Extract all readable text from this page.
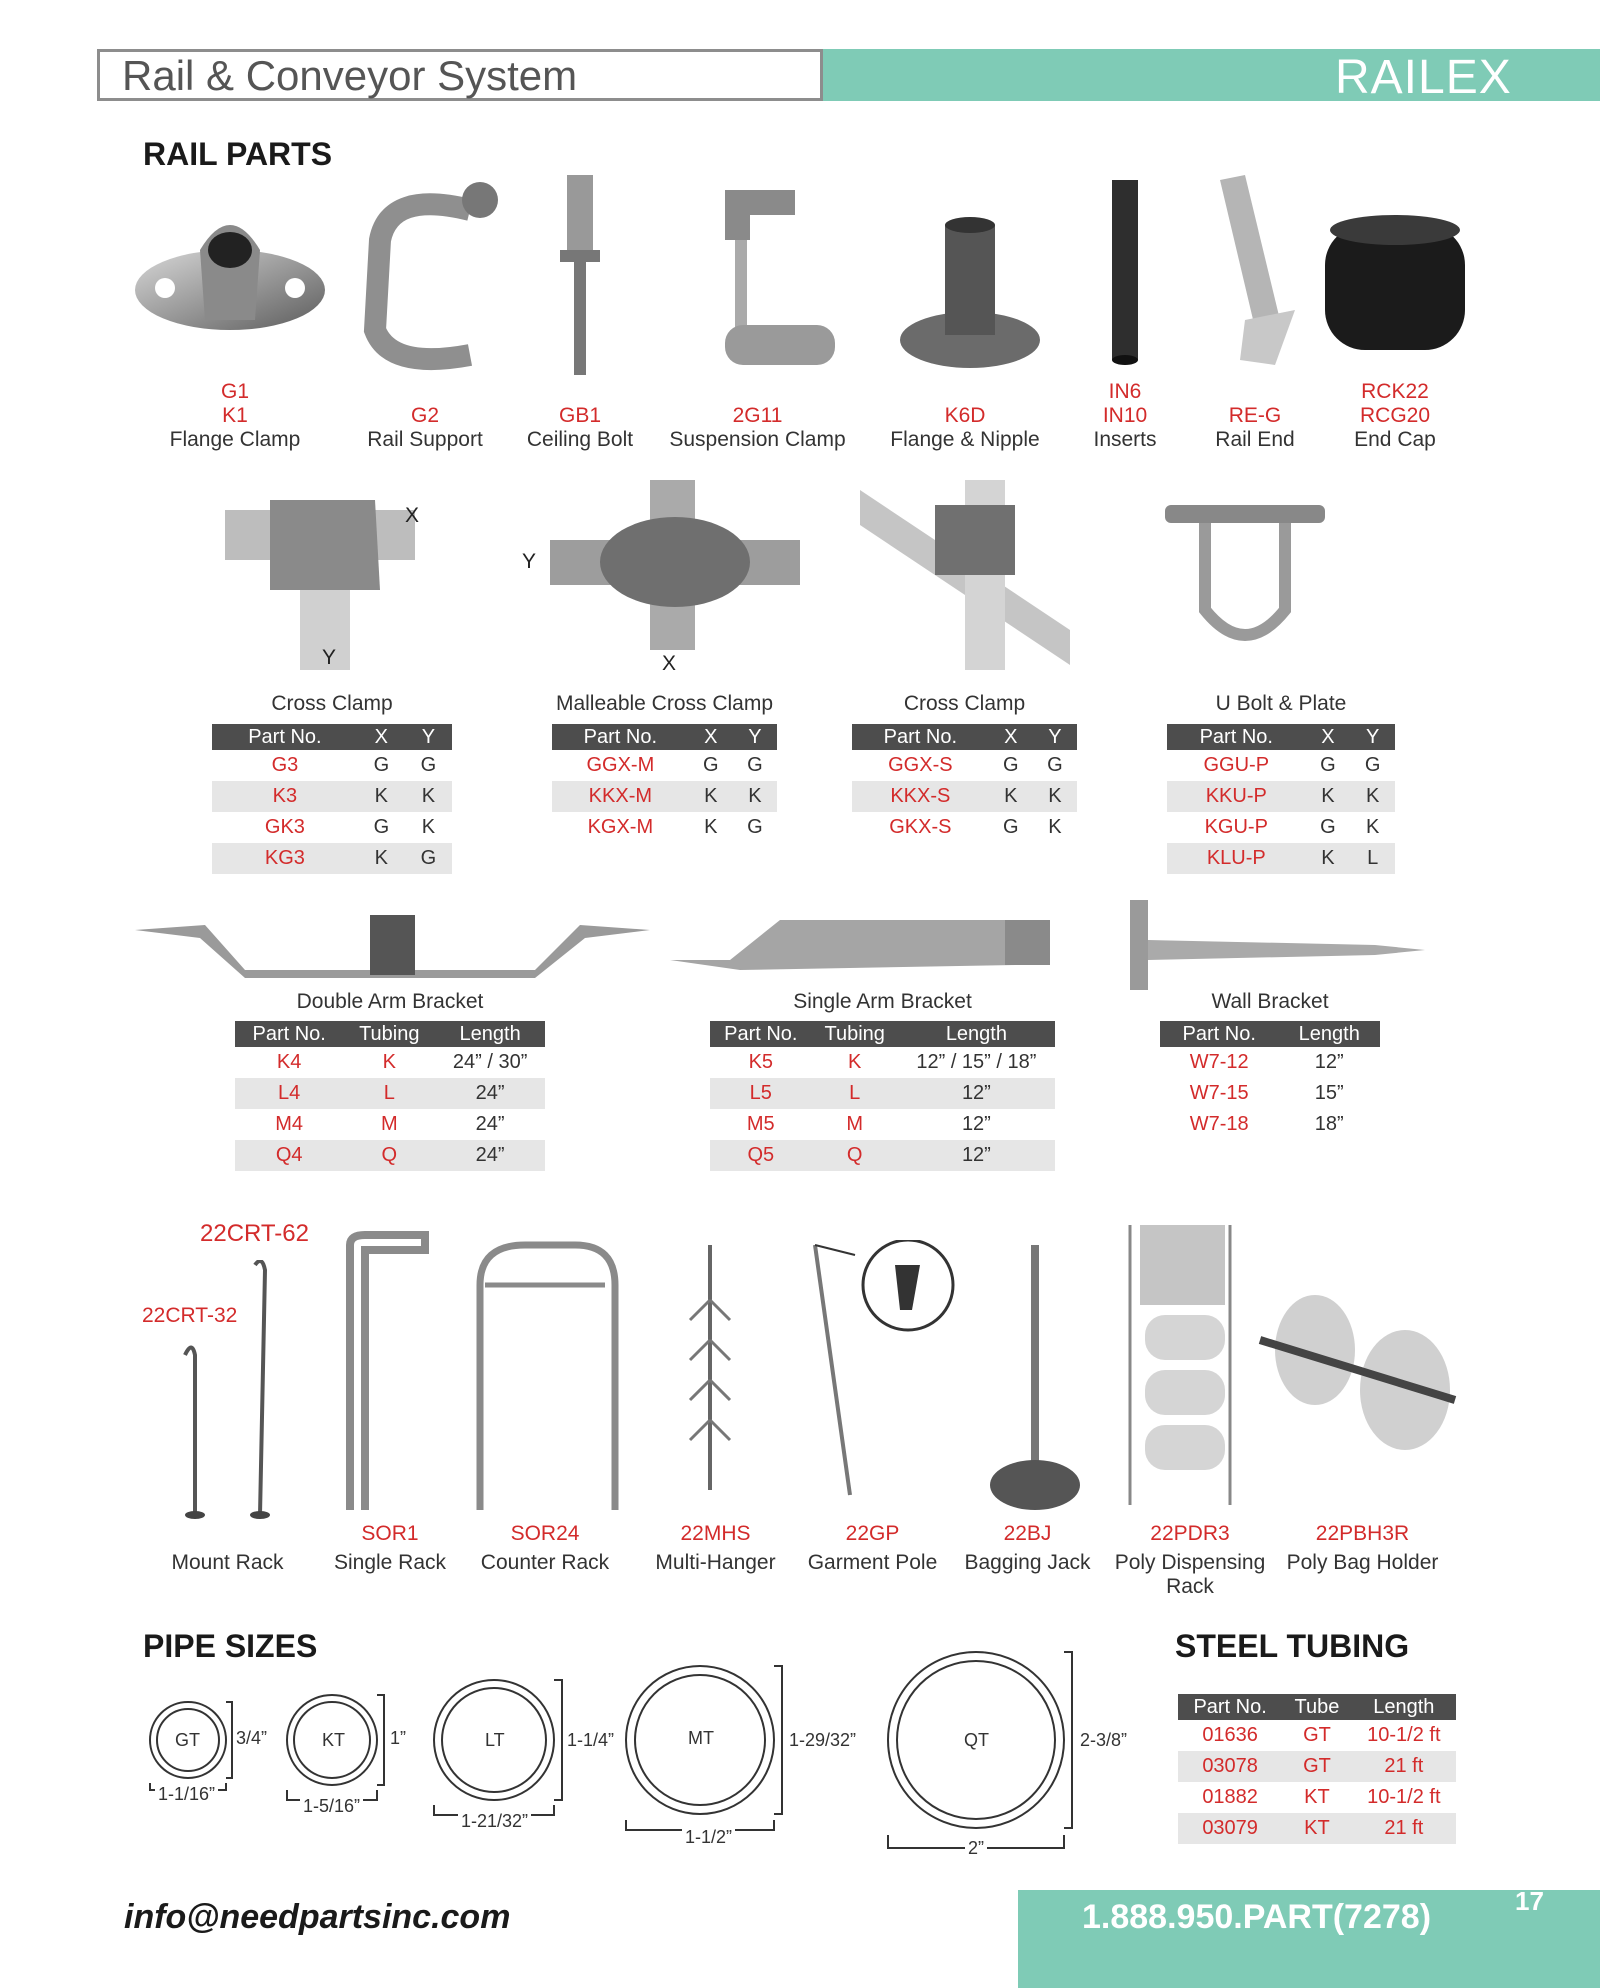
Rail & Conveyor System	RAILEX
RAIL PARTS
G1
K1
Flange Clamp
G2
Rail Support
GB1
Ceiling Bolt
2G11
Suspension Clamp
K6D
Flange & Nipple
IN6
IN10
Inserts
RE-G
Rail End
RCK22
RCG20
End Cap
X
Y
Y
X
Cross Clamp
Part No.	X	Y
G3	G	G
K3	K	K
GK3	G	K
KG3	K	G
Malleable Cross Clamp
Part No.	X	Y
GGX-M	G	G
KKX-M	K	K
KGX-M	K	G
Cross Clamp
Part No.	X	Y
GGX-S	G	G
KKX-S	K	K
GKX-S	G	K
U Bolt & Plate
Part No.	X	Y
GGU-P	G	G
KKU-P	K	K
KGU-P	G	K
KLU-P	K	L
Double Arm Bracket
Part No.	Tubing	Length
K4	K	24” / 30”
L4	L	24”
M4	M	24”
Q4	Q	24”
Single Arm Bracket
Part No.	Tubing	Length
K5	K	12” / 15” / 18”
L5	L	12”
M5	M	12”
Q5	Q	12”
Wall Bracket
Part No.	Length
W7-12	12”
W7-15	15”
W7-18	18”
22CRT-62
22CRT-32
Mount Rack
SOR1
Single Rack
SOR24
Counter Rack
22MHS
Multi-Hanger
22GP
Garment Pole
22BJ
Bagging Jack
22PDR3
Poly Dispensing
Rack
22PBH3R
Poly Bag Holder
PIPE SIZES	STEEL TUBING
GT 3/4”
1-1/16”
KT 1”
1-5/16”
LT	1-1/4”
1-21/32”
MT	1-29/32”
1-1/2”
QT	2-3/8”
2”
Part No.	Tube	Length
01636	GT	10-1/2 ft
03078	GT	21 ft
01882	KT	10-1/2 ft
03079	KT	21 ft
info@needpartsinc.com	1.888.950.PART(7278)	17
